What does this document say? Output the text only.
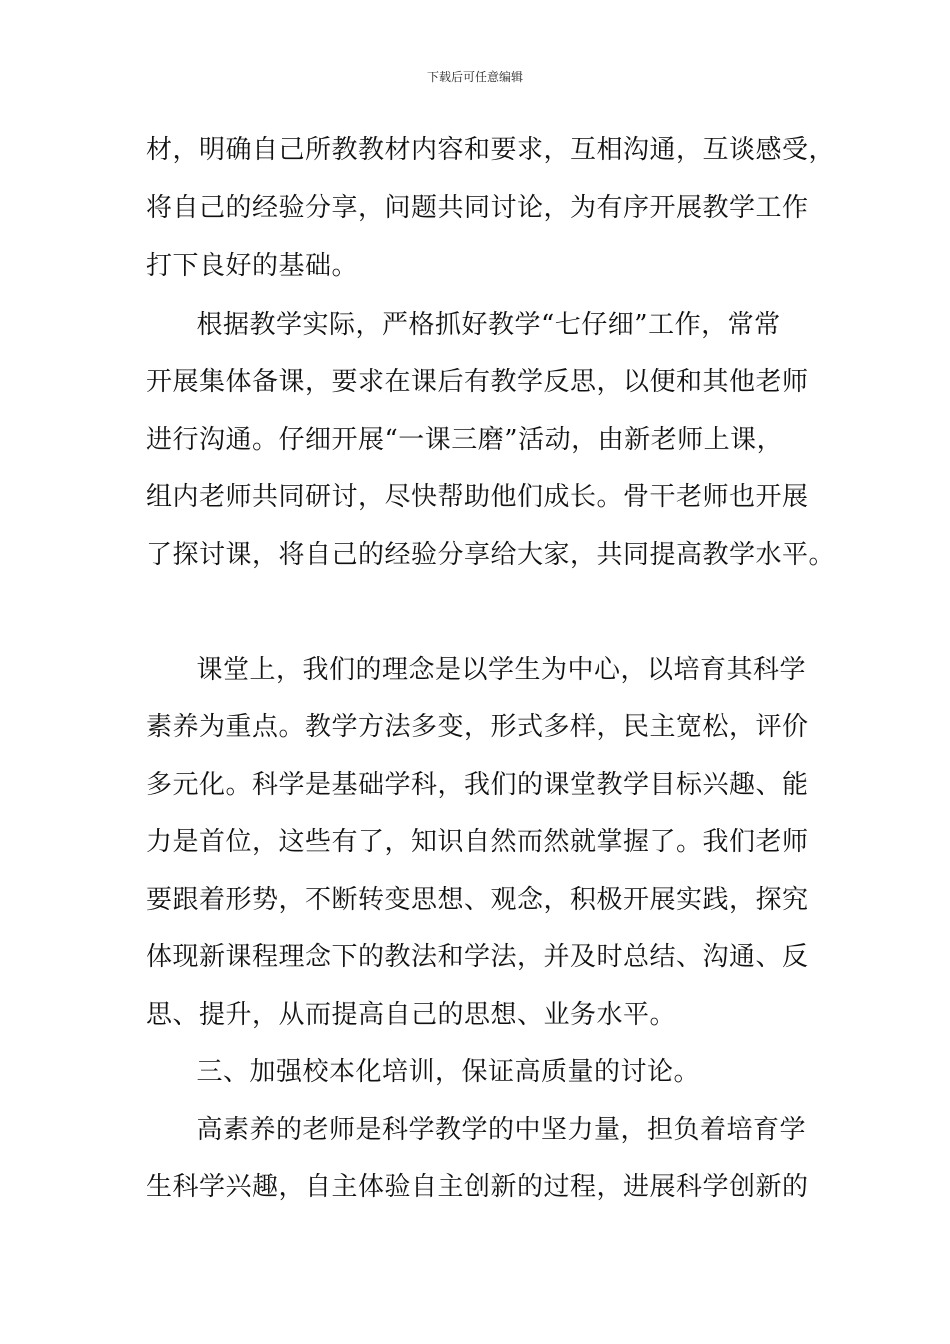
下载后可任意编辑
材，明确自己所教教材内容和要求，互相沟通，互谈感受，
将自己的经验分享，问题共同讨论，为有序开展教学工作
打下良好的基础。
　根据教学实际，严格抓好教学“七仔细”工作，常常
开展集体备课，要求在课后有教学反思，以便和其他老师
进行沟通。仔细开展“一课三磨”活动，由新老师上课，
组内老师共同研讨，尽快帮助他们成长。骨干老师也开展
了探讨课，将自己的经验分享给大家，共同提高教学水平。
　课堂上，我们的理念是以学生为中心，以培育其科学
素养为重点。教学方法多变，形式多样，民主宽松，评价
多元化。科学是基础学科，我们的课堂教学目标兴趣、能
力是首位，这些有了，知识自然而然就掌握了。我们老师
要跟着形势，不断转变思想、观念，积极开展实践，探究
体现新课程理念下的教法和学法，并及时总结、沟通、反
思、提升，从而提高自己的思想、业务水平。
　三、加强校本化培训，保证高质量的讨论。
　高素养的老师是科学教学的中坚力量，担负着培育学
生科学兴趣，自主体验自主创新的过程，进展科学创新的
